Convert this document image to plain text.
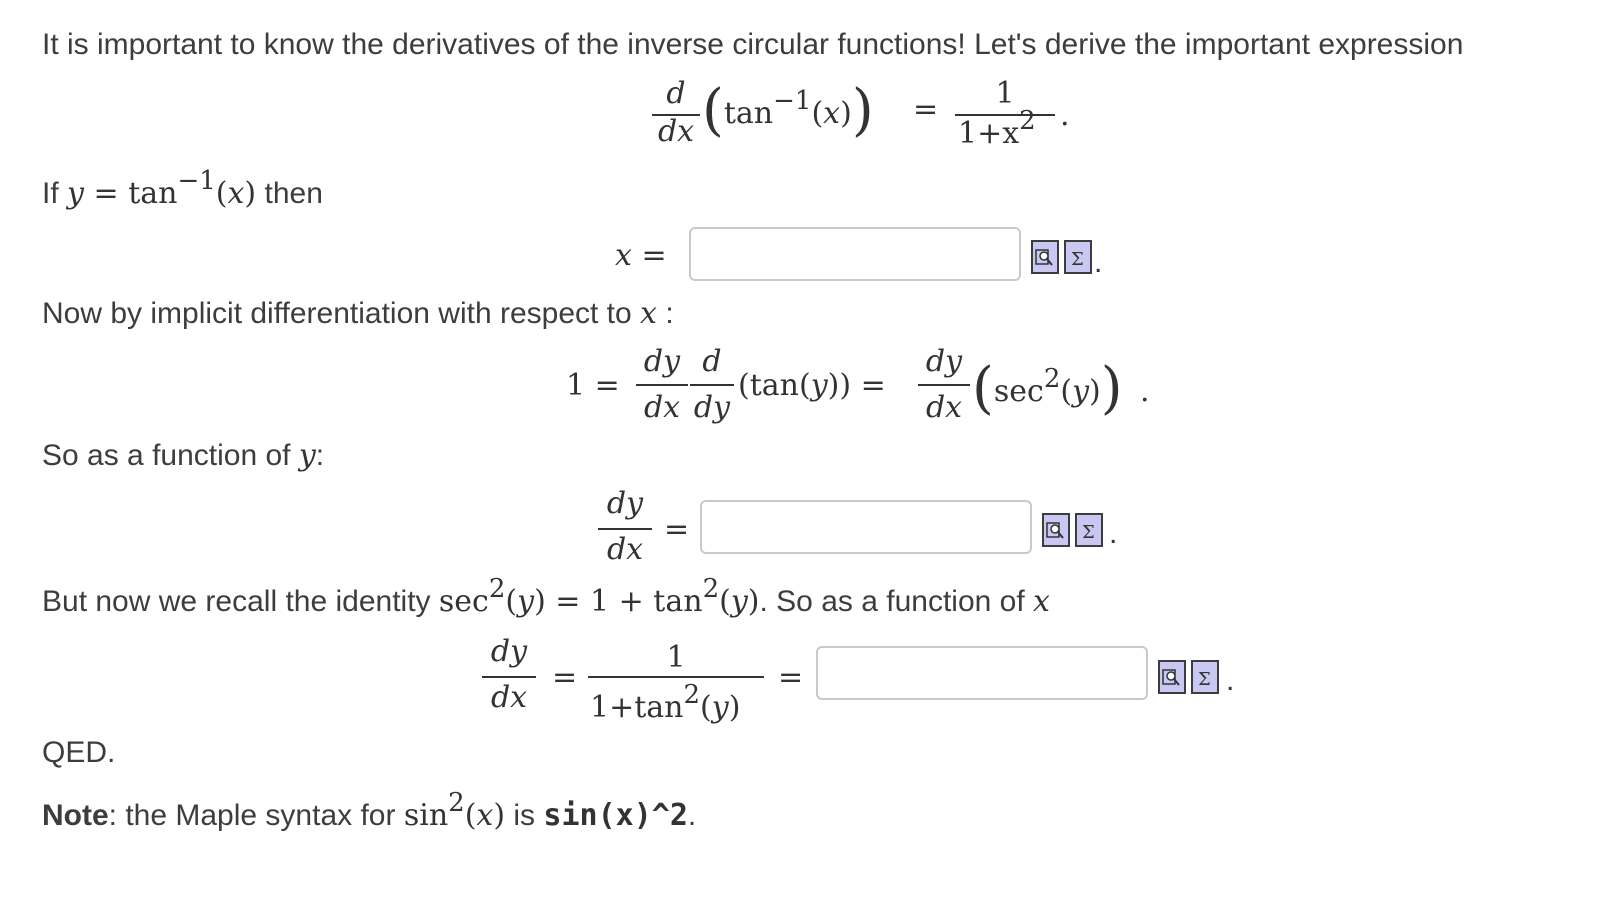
It is important to know the derivatives of the inverse circular functions! Let's derive the important expression
d
dx (tan−1(x)) =	1
1+x2 .
If y = tan−1(x) then
x =	Σ .
Now by implicit differentiation with respect to x :
1 =
dy
dx
d
dy
(tan(y)) =
dy
dx (sec2(y)) .
So as a function of y:
dy
dx
=	Σ .
But now we recall the identity sec2(y) = 1 + tan2(y). So as a function of x
dy
dx
=
1
1+tan2(y)
=	Σ .
QED.
Note: the Maple syntax for sin2(x) is sin(x)^2.
